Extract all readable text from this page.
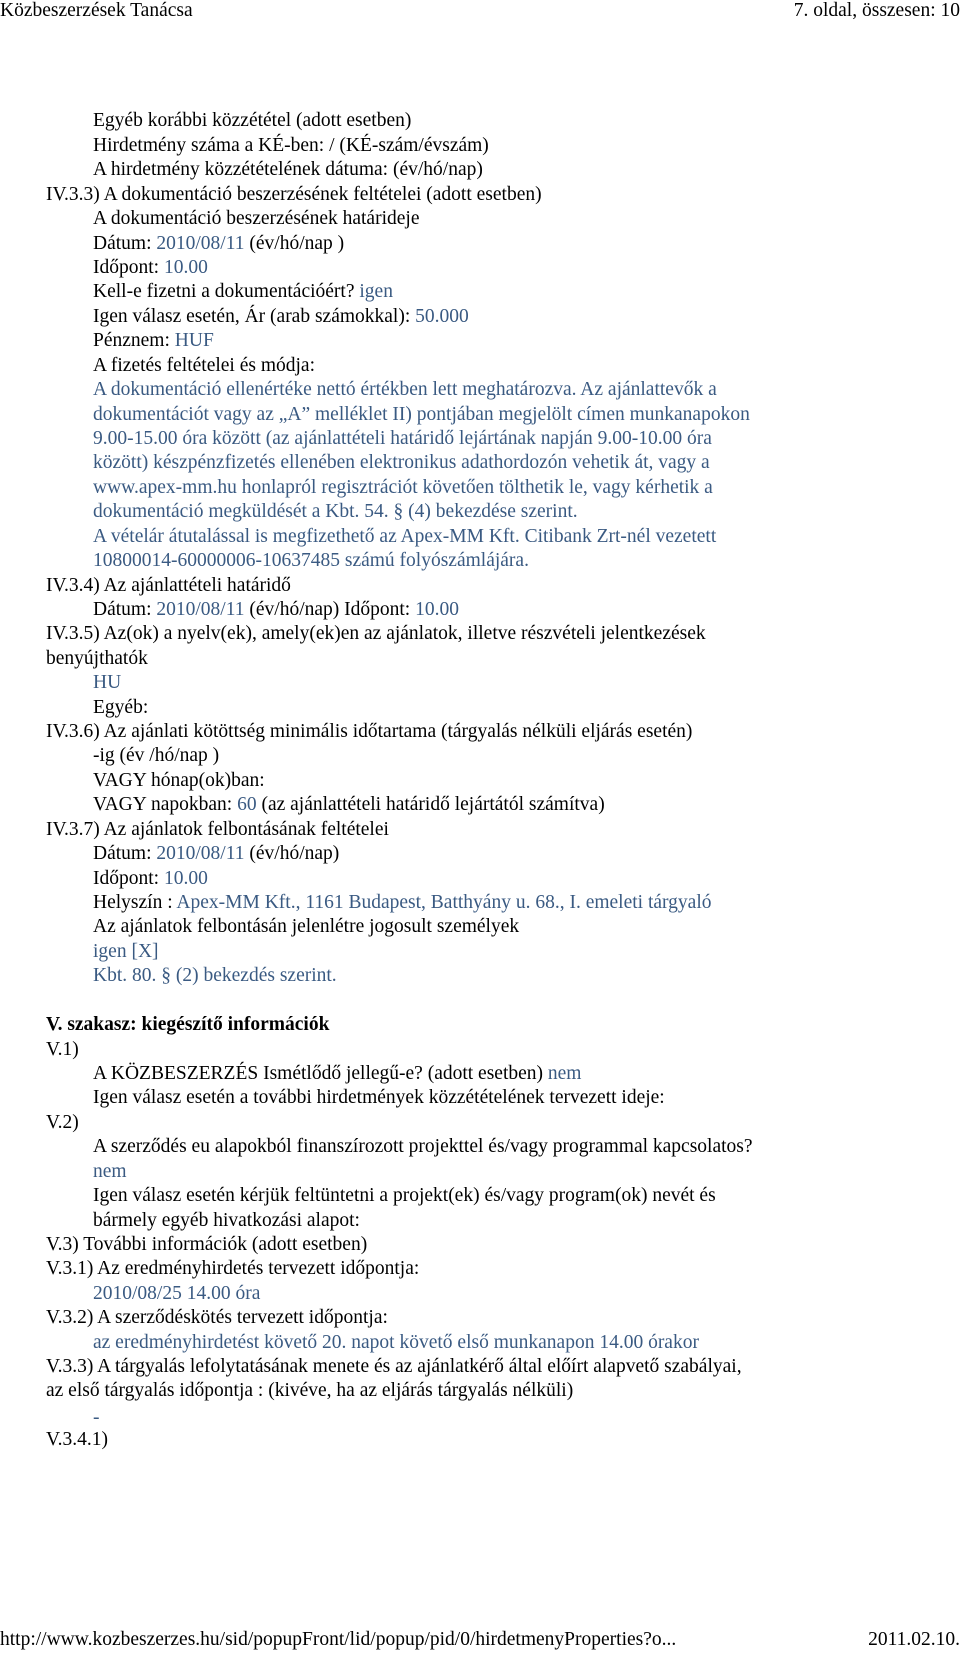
Közbeszerzések Tanácsa	7. oldal, összesen: 10
Egyéb korábbi közzététel (adott esetben)
Hirdetmény száma a KÉ-ben: / (KÉ-szám/évszám)
A hirdetmény közzétételének dátuma: (év/hó/nap)
IV.3.3) A dokumentáció beszerzésének feltételei (adott esetben)
A dokumentáció beszerzésének határideje
Dátum: 2010/08/11 (év/hó/nap )
Időpont: 10.00
Kell-e fizetni a dokumentációért? igen
Igen válasz esetén, Ár (arab számokkal): 50.000
Pénznem: HUF
A fizetés feltételei és módja:
A dokumentáció ellenértéke nettó értékben lett meghatározva. Az ajánlattevők a
dokumentációt vagy az „A” melléklet II) pontjában megjelölt címen munkanapokon
9.00-15.00 óra között (az ajánlattételi határidő lejártának napján 9.00-10.00 óra
között) készpénzfizetés ellenében elektronikus adathordozón vehetik át, vagy a
www.apex-mm.hu honlapról regisztrációt követően tölthetik le, vagy kérhetik a
dokumentáció megküldését a Kbt. 54. § (4) bekezdése szerint.
A vételár átutalással is megfizethető az Apex-MM Kft. Citibank Zrt-nél vezetett
10800014-60000006-10637485 számú folyószámlájára.
IV.3.4) Az ajánlattételi határidő
Dátum: 2010/08/11 (év/hó/nap) Időpont: 10.00
IV.3.5) Az(ok) a nyelv(ek), amely(ek)en az ajánlatok, illetve részvételi jelentkezések
benyújthatók
HU
Egyéb:
IV.3.6) Az ajánlati kötöttség minimális időtartama (tárgyalás nélküli eljárás esetén)
-ig (év /hó/nap )
VAGY hónap(ok)ban:
VAGY napokban: 60 (az ajánlattételi határidő lejártától számítva)
IV.3.7) Az ajánlatok felbontásának feltételei
Dátum: 2010/08/11 (év/hó/nap)
Időpont: 10.00
Helyszín : Apex-MM Kft., 1161 Budapest, Batthyány u. 68., I. emeleti tárgyaló
Az ajánlatok felbontásán jelenlétre jogosult személyek
igen [X]
Kbt. 80. § (2) bekezdés szerint.
V. szakasz: kiegészítő információk
V.1)
A KÖZBESZERZÉS Ismétlődő jellegű-e? (adott esetben) nem
Igen válasz esetén a további hirdetmények közzétételének tervezett ideje:
V.2)
A szerződés eu alapokból finanszírozott projekttel és/vagy programmal kapcsolatos?
nem
Igen válasz esetén kérjük feltüntetni a projekt(ek) és/vagy program(ok) nevét és
bármely egyéb hivatkozási alapot:
V.3) További információk (adott esetben)
V.3.1) Az eredményhirdetés tervezett időpontja:
2010/08/25 14.00 óra
V.3.2) A szerződéskötés tervezett időpontja:
az eredményhirdetést követő 20. napot követő első munkanapon 14.00 órakor
V.3.3) A tárgyalás lefolytatásának menete és az ajánlatkérő által előírt alapvető szabályai,
az első tárgyalás időpontja : (kivéve, ha az eljárás tárgyalás nélküli)
-
V.3.4.1)
http://www.kozbeszerzes.hu/sid/popupFront/lid/popup/pid/0/hirdetmenyProperties?o...	2011.02.10.
